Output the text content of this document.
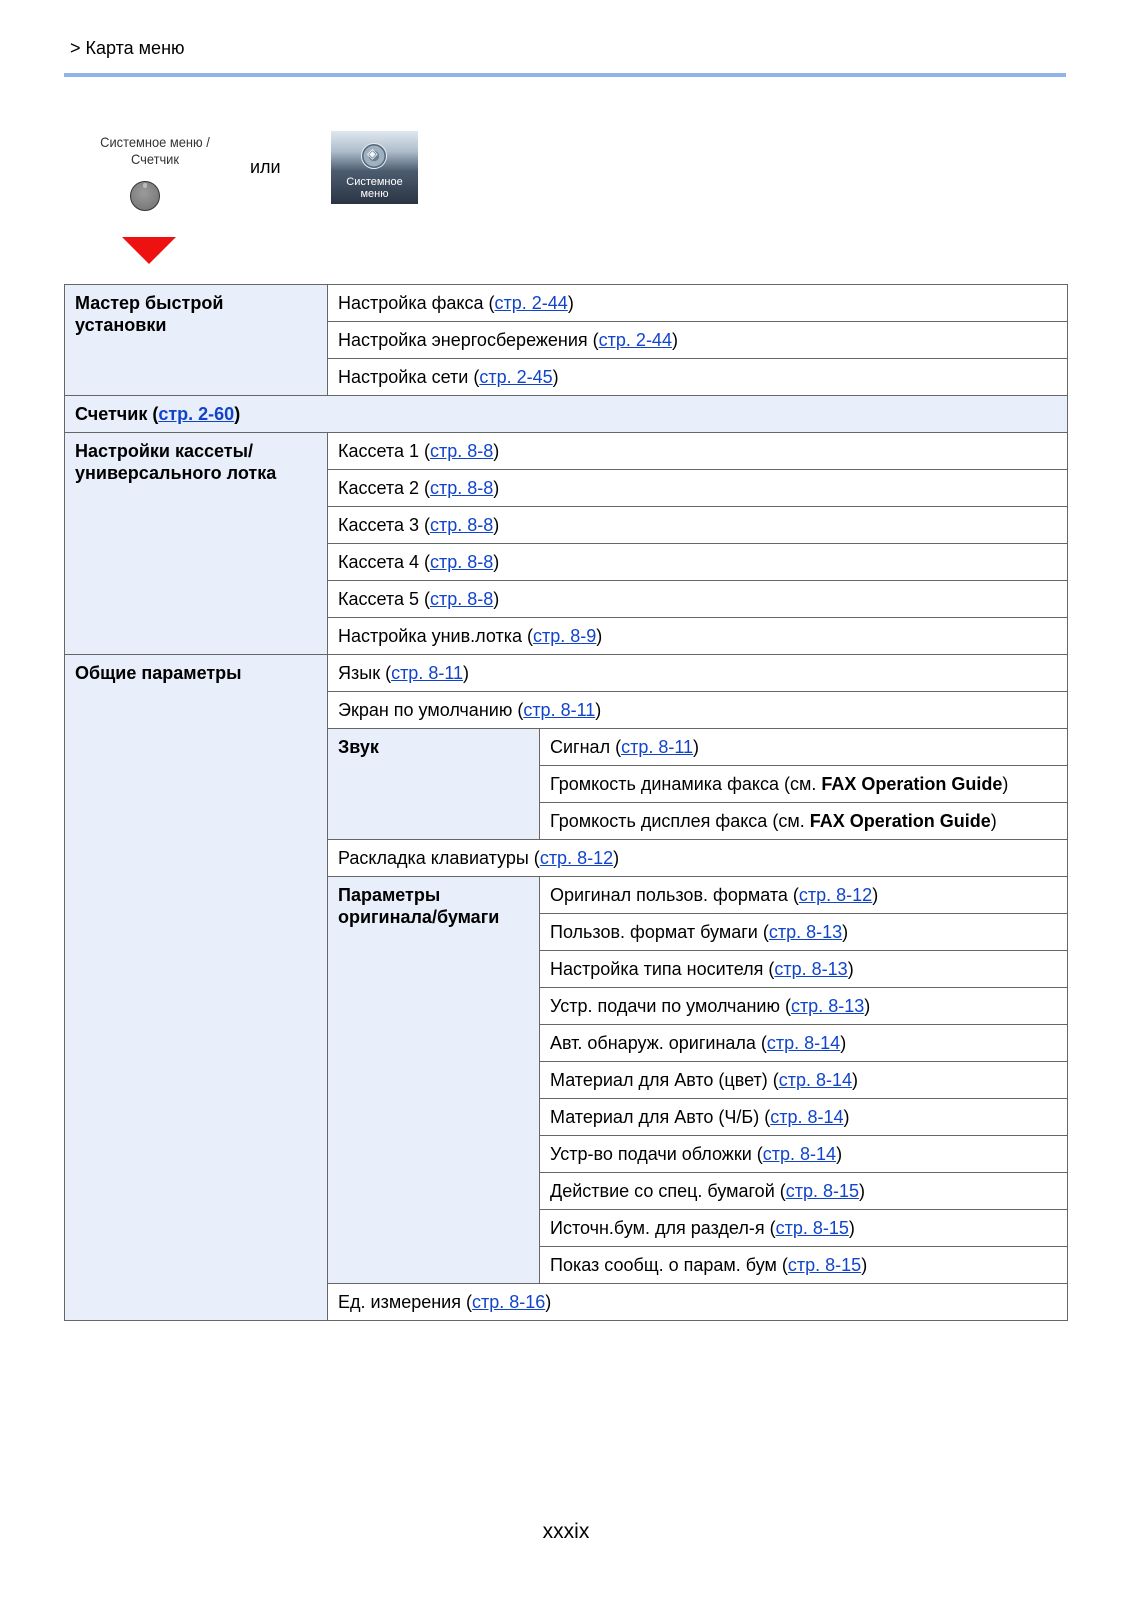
> Карта меню
Системное меню /
Счетчик	или
◈
Системное
меню
Мастер быстрой установки	Настройка факса (стр. 2-44)	
	Настройка энергосбережения (стр. 2-44)	
	Настройка сети (стр. 2-45)	
Счетчик (стр. 2-60)		
Настройки кассеты/ универсального лотка	Кассета 1 (стр. 8-8)	
	Кассета 2 (стр. 8-8)	
	Кассета 3 (стр. 8-8)	
	Кассета 4 (стр. 8-8)	
	Кассета 5 (стр. 8-8)	
	Настройка унив.лотка (стр. 8-9)	
Общие параметры	Язык (стр. 8-11)	
	Экран по умолчанию (стр. 8-11)	
	Звук	Сигнал (стр. 8-11)
		Громкость динамика факса (см. FAX Operation Guide)
		Громкость дисплея факса (см. FAX Operation Guide)
	Раскладка клавиатуры (стр. 8-12)	
	Параметры оригинала/бумаги	Оригинал пользов. формата (стр. 8-12)
		Пользов. формат бумаги (стр. 8-13)
		Настройка типа носителя (стр. 8-13)
		Устр. подачи по умолчанию (стр. 8-13)
		Авт. обнаруж. оригинала (стр. 8-14)
		Материал для Авто (цвет) (стр. 8-14)
		Материал для Авто (Ч/Б) (стр. 8-14)
		Устр-во подачи обложки (стр. 8-14)
		Действие со спец. бумагой (стр. 8-15)
		Источн.бум. для раздел-я (стр. 8-15)
		Показ сообщ. о парам. бум (стр. 8-15)
	Ед. измерения (стр. 8-16)	
xxxix
